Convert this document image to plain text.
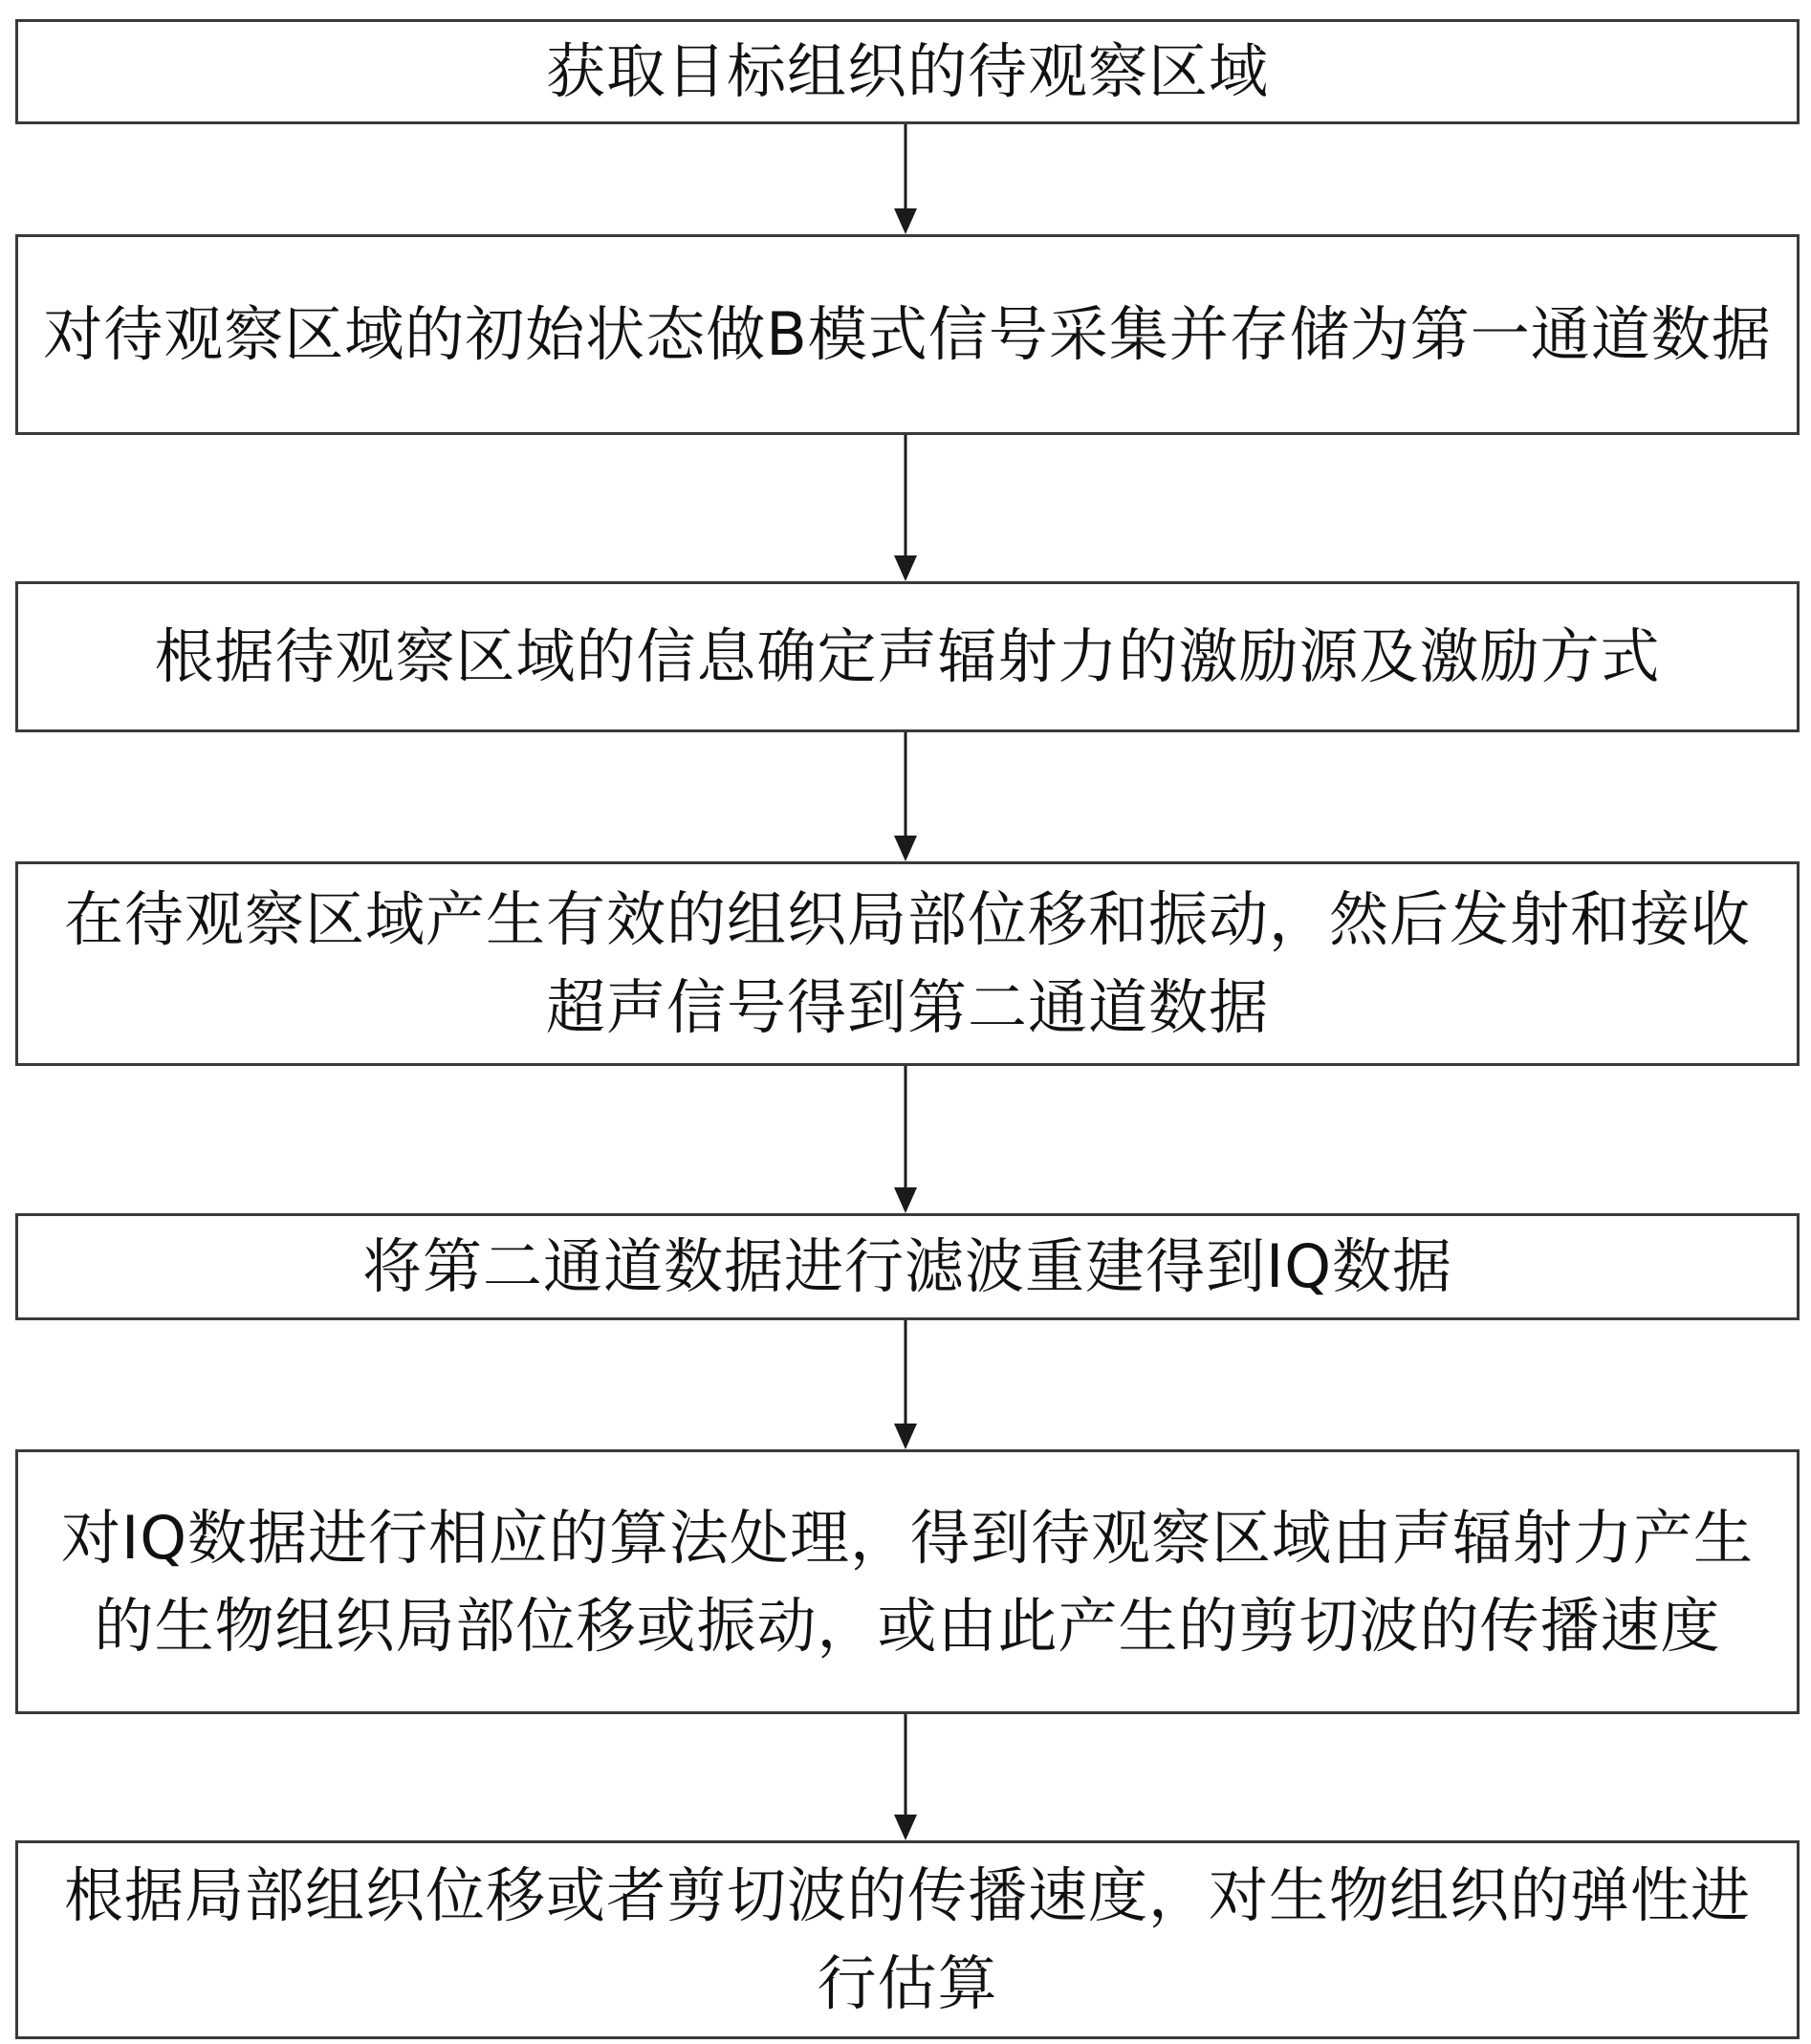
获取目标组织的待观察区域
对待观察区域的初始状态做B模式信号采集并存储为第一通道数据
根据待观察区域的信息确定声辐射力的激励源及激励方式
在待观察区域产生有效的组织局部位移和振动，然后发射和接收超声信号得到第二通道数据
将第二通道数据进行滤波重建得到IQ数据
对IQ数据进行相应的算法处理，得到待观察区域由声辐射力产生的生物组织局部位移或振动，或由此产生的剪切波的传播速度
根据局部组织位移或者剪切波的传播速度，对生物组织的弹性进行估算
